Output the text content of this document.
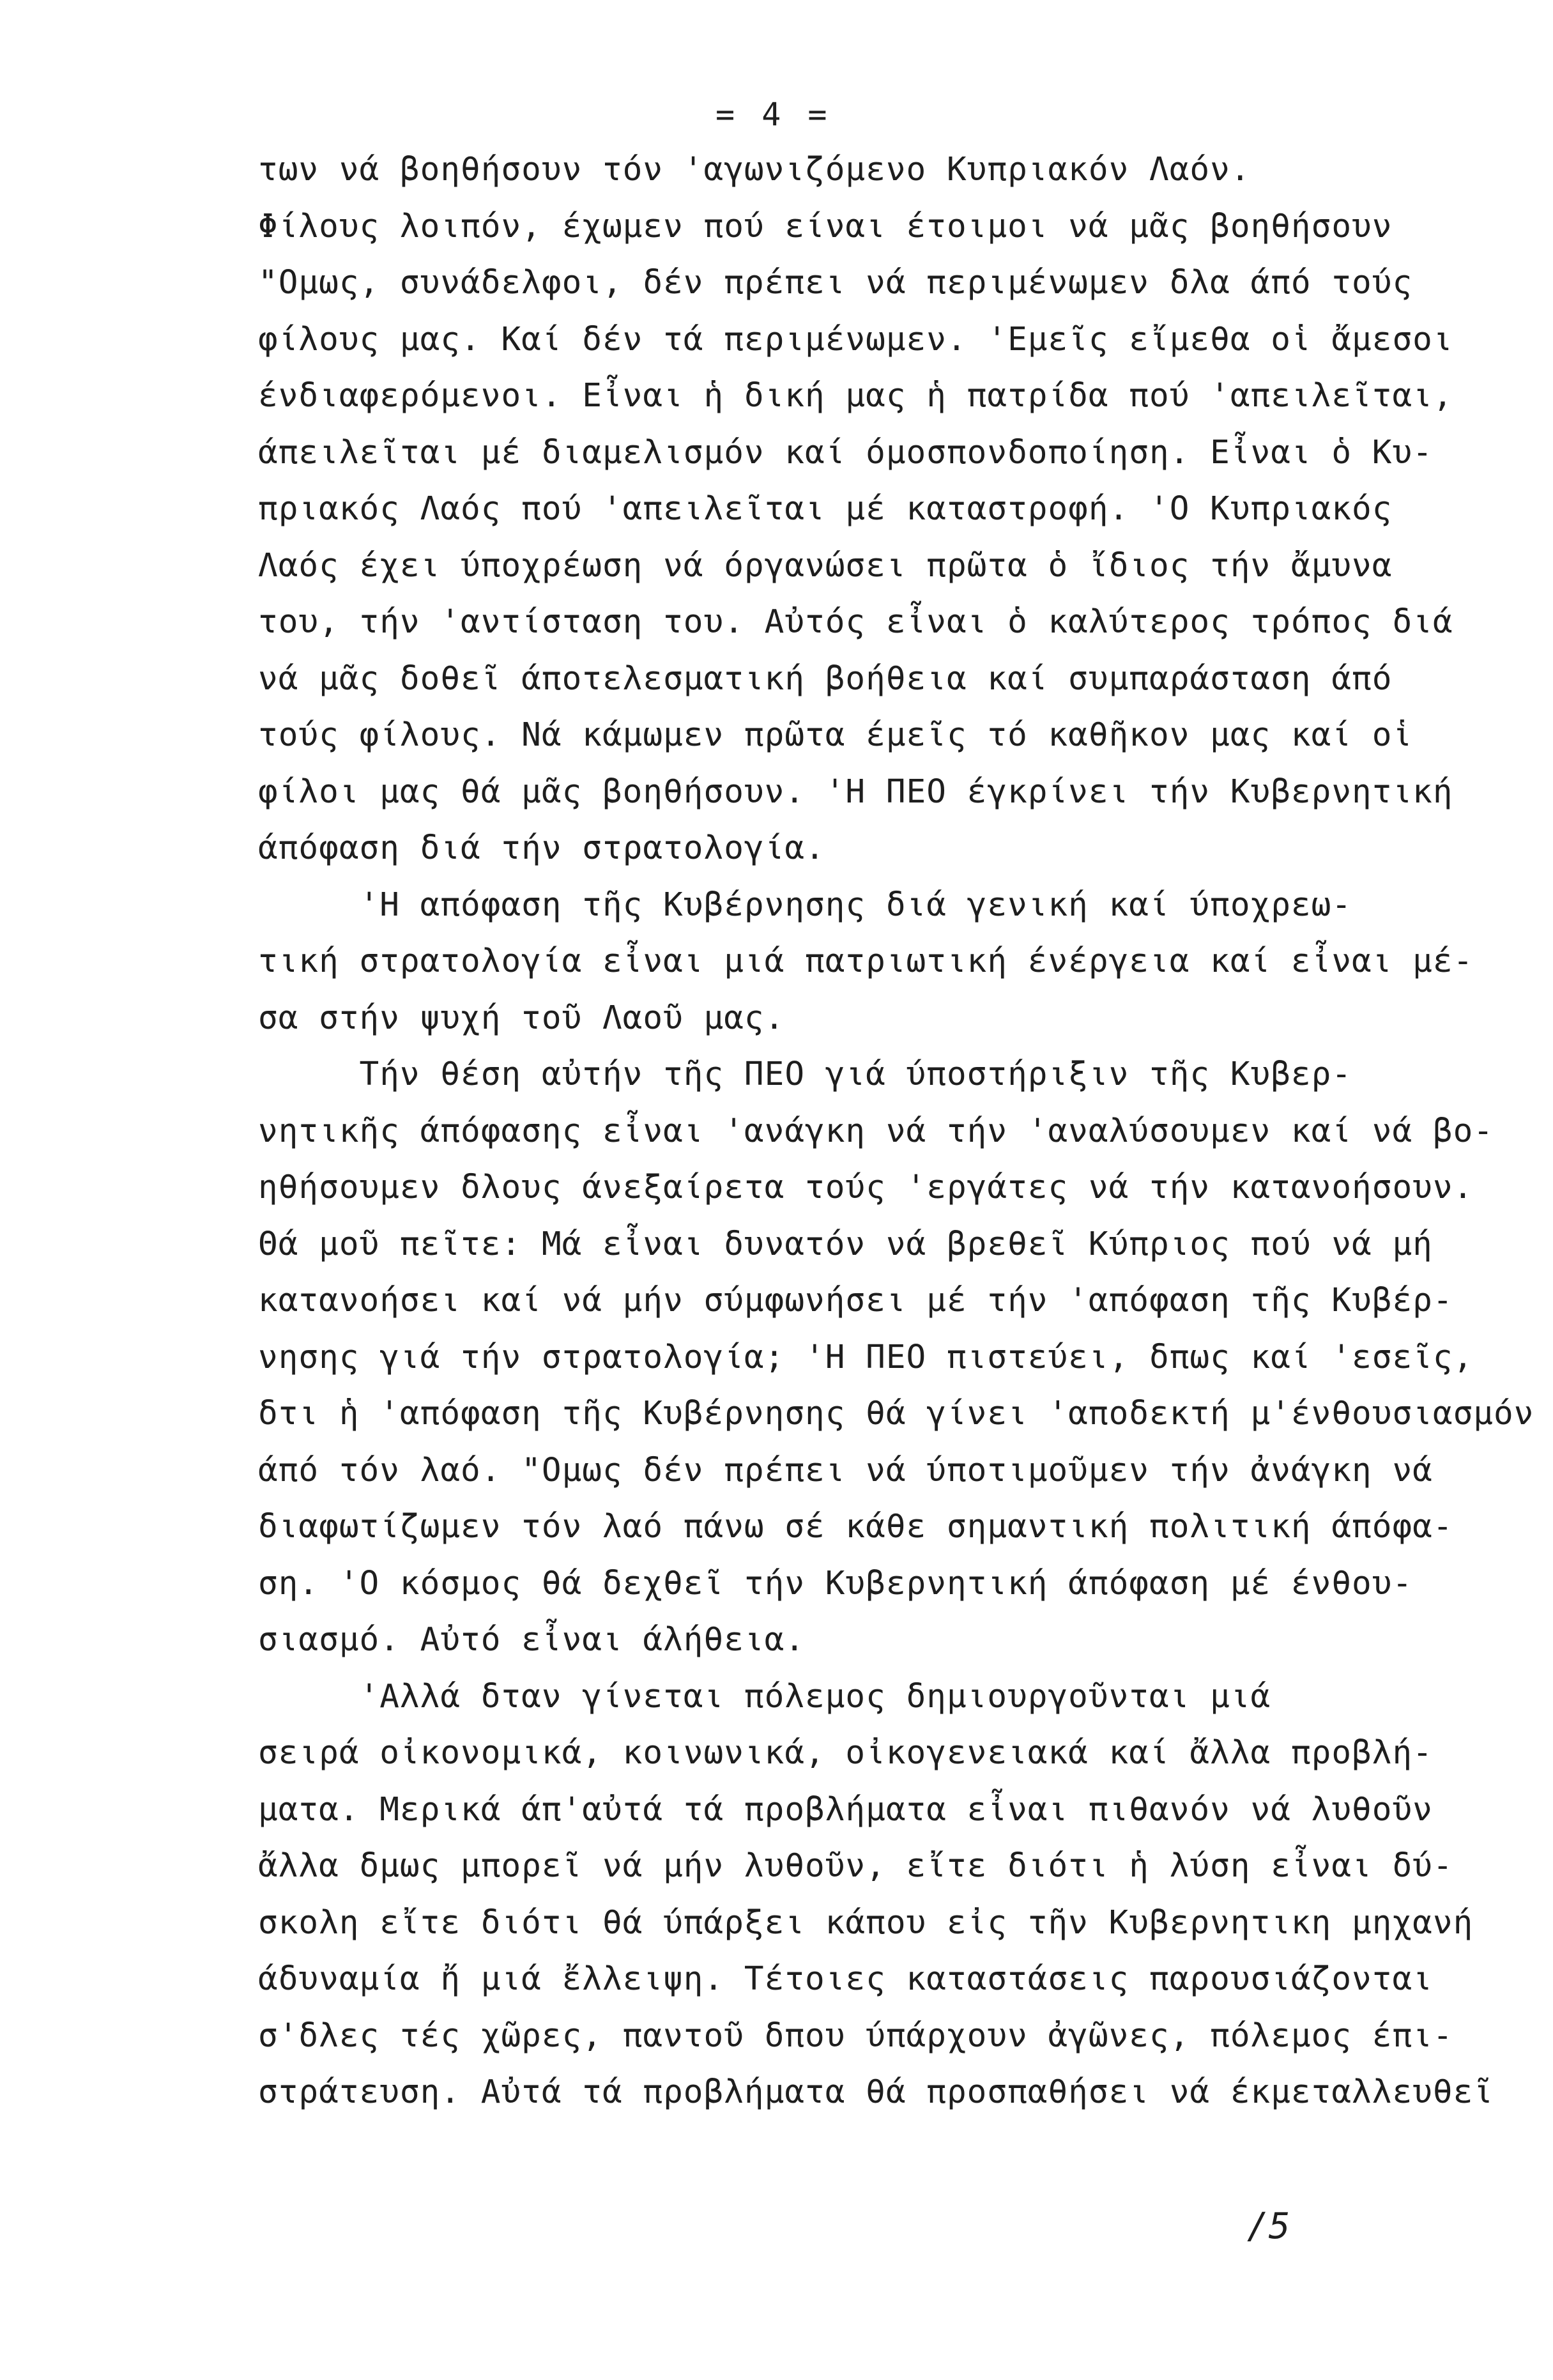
= 4 =
των νά βοηθήσουν τόν 'αγωνιζόμενο Κυπριακόν Λαόν.
Φίλους λοιπόν, έχωμεν πού είναι έτοιμοι νά μᾶς βοηθήσουν
"Ομως, συνάδελφοι, δέν πρέπει νά περιμένωμεν δλα άπό τούς
φίλους μας. Καί δέν τά περιμένωμεν. 'Εμεῖς εἴμεθα οἱ ἄμεσοι
ένδιαφερόμενοι. Εἶναι ἡ δική μας ἡ πατρίδα πού 'απειλεῖται,
άπειλεῖται μέ διαμελισμόν καί όμοσπονδοποίηση. Εἶναι ὁ Κυ-
πριακός Λαός πού 'απειλεῖται μέ καταστροφή. 'Ο Κυπριακός
Λαός έχει ύποχρέωση νά όργανώσει πρῶτα ὁ ἴδιος τήν ἄμυνα
του, τήν 'αντίσταση του. Αὐτός εἶναι ὁ καλύτερος τρόπος διά
νά μᾶς δοθεῖ άποτελεσματική βοήθεια καί συμπαράσταση άπό
τούς φίλους. Νά κάμωμεν πρῶτα έμεῖς τό καθῆκον μας καί οἱ
φίλοι μας θά μᾶς βοηθήσουν. 'Η ΠΕΟ έγκρίνει τήν Κυβερνητική
άπόφαση διά τήν στρατολογία.
'Η απόφαση τῆς Κυβέρνησης διά γενική καί ύποχρεω-
τική στρατολογία εἶναι μιά πατριωτική ένέργεια καί εἶναι μέ-
σα στήν ψυχή τοῦ Λαοῦ μας.
Τήν θέση αὐτήν τῆς ΠΕΟ γιά ύποστήριξιν τῆς Κυβερ-
νητικῆς άπόφασης εἶναι 'ανάγκη νά τήν 'αναλύσουμεν καί νά βο-
ηθήσουμεν δλους άνεξαίρετα τούς 'εργάτες νά τήν κατανοήσουν.
Θά μοῦ πεῖτε: Μά εἶναι δυνατόν νά βρεθεῖ Κύπριος πού νά μή
κατανοήσει καί νά μήν σύμφωνήσει μέ τήν 'απόφαση τῆς Κυβέρ-
νησης γιά τήν στρατολογία; 'Η ΠΕΟ πιστεύει, δπως καί 'εσεῖς,
δτι ἡ 'απόφαση τῆς Κυβέρνησης θά γίνει 'αποδεκτή μ'ένθουσιασμόν
άπό τόν λαό. "Ομως δέν πρέπει νά ύποτιμοῦμεν τήν ἀνάγκη νά
διαφωτίζωμεν τόν λαό πάνω σέ κάθε σημαντική πολιτική άπόφα-
ση. 'Ο κόσμος θά δεχθεῖ τήν Κυβερνητική άπόφαση μέ ένθου-
σιασμό. Αὐτό εἶναι άλήθεια.
'Αλλά δταν γίνεται πόλεμος δημιουργοῦνται μιά
σειρά οἰκονομικά, κοινωνικά, οἰκογενειακά καί ἄλλα προβλή-
ματα. Μερικά άπ'αὐτά τά προβλήματα εἶναι πιθανόν νά λυθοῦν
ἄλλα δμως μπορεῖ νά μήν λυθοῦν, εἴτε διότι ἡ λύση εἶναι δύ-
σκολη εἴτε διότι θά ύπάρξει κάπου εἰς τῆν Κυβερνητικη μηχανή
άδυναμία ἤ μιά ἔλλειψη. Τέτοιες καταστάσεις παρουσιάζονται
σ'δλες τές χῶρες, παντοῦ δπου ύπάρχουν ἀγῶνες, πόλεμος έπι-
στράτευση. Αὐτά τά προβλήματα θά προσπαθήσει νά έκμεταλλευθεῖ
/5
